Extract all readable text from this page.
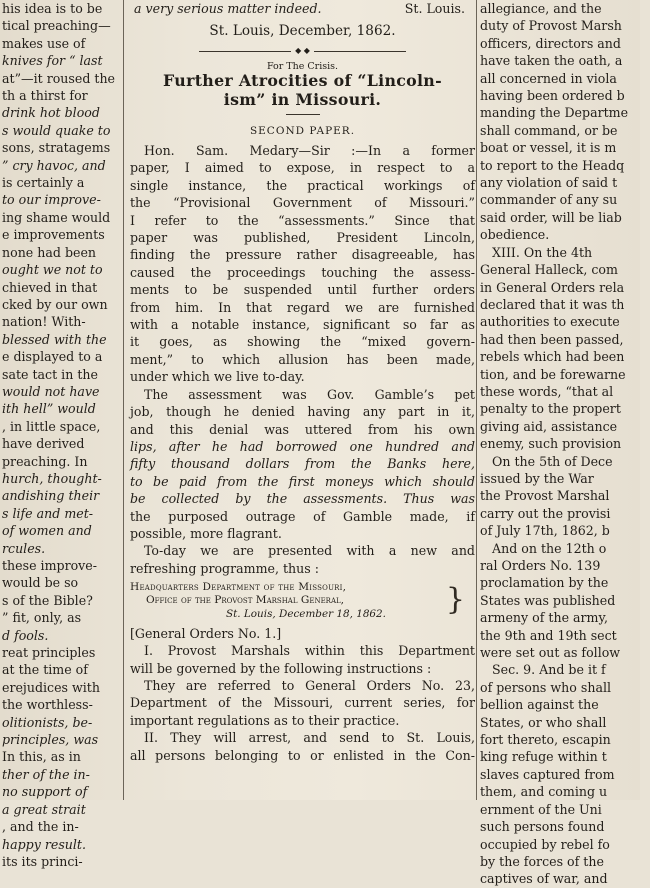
his idea is to be
tical preaching—
makes use of
knives for “ last
at”—it roused the
th a thirst for
drink hot blood
s would quake to
sons, stratagems
” cry havoc, and
is certainly a
to our improve-
ing shame would
e improvements
none had been
ought we not to
chieved in that
cked by our own
nation! With-
blessed with the
e displayed to a
sate tact in the
would not have
ith hell” would
, in little space,
have derived
preaching. In
hurch, thought-
andishing their
s life and met-
of women and
rcules.
these improve-
would be so
s of the Bible?
” fit, only, as
d fools.
reat principles
at the time of
erejudices with
the worthless-
olitionists, be-
principles, was
In this, as in
ther of the in-
no support of
a great strait
, and the in-
happy result.
its its princi-
a very serious matter indeed.	St. Louis.
St. Louis, December, 1862.
◆ ◆
For The Crisis.
Further Atrocities of “Lincoln-
ism” in Missouri.
SECOND PAPER.
Hon. Sam. Medary—Sir :—In a former
paper, I aimed to expose, in respect to a
single instance, the practical workings of
the “Provisional Government of Missouri.”
I refer to the “assessments.” Since that
paper was published, President Lincoln,
finding the pressure rather disagreeable, has
caused the proceedings touching the assess-
ments to be suspended until further orders
from him. In that regard we are furnished
with a notable instance, significant so far as
it goes, as showing the “mixed govern-
ment,” to which allusion has been made,
under which we live to-day.
The assessment was Gov. Gamble’s pet
job, though he denied having any part in it,
and this denial was uttered from his own
lips, after he had borrowed one hundred and
fifty thousand dollars from the Banks here,
to be paid from the first moneys which should
be collected by the assessments. Thus was
the purposed outrage of Gamble made, if
possible, more flagrant.
To-day we are presented with a new and
refreshing programme, thus :
Headquarters Department of the Missouri,
Office of the Provost Marshal General,
St. Louis, December 18, 1862.	}
[General Orders No. 1.]
I. Provost Marshals within this Department
will be governed by the following instructions :
They are referred to General Orders No. 23,
Department of the Missouri, current series, for
important regulations as to their practice.
II. They will arrest, and send to St. Louis,
all persons belonging to or enlisted in the Con-
allegiance, and the
duty of Provost Marsh
officers, directors and
have taken the oath, a
all concerned in viola
having been ordered b
manding the Departme
shall command, or be
boat or vessel, it is m
to report to the Headq
any violation of said t
commander of any su
said order, will be liab
obedience.
XIII. On the 4th
General Halleck, com
in General Orders rela
declared that it was th
authorities to execute
had then been passed,
rebels which had been
tion, and be forewarne
these words, “that al
penalty to the propert
giving aid, assistance
enemy, such provision
On the 5th of Dece
issued by the War
the Provost Marshal
carry out the provisi
of July 17th, 1862, b
And on the 12th o
ral Orders No. 139
proclamation by the
States was published
armeny of the army,
the 9th and 19th sect
were set out as follow
Sec. 9. And be it f
of persons who shall
bellion against the
States, or who shall
fort thereto, escapin
king refuge within t
slaves captured from
them, and coming u
ernment of the Uni
such persons found
occupied by rebel fo
by the forces of the
captives of war, and
